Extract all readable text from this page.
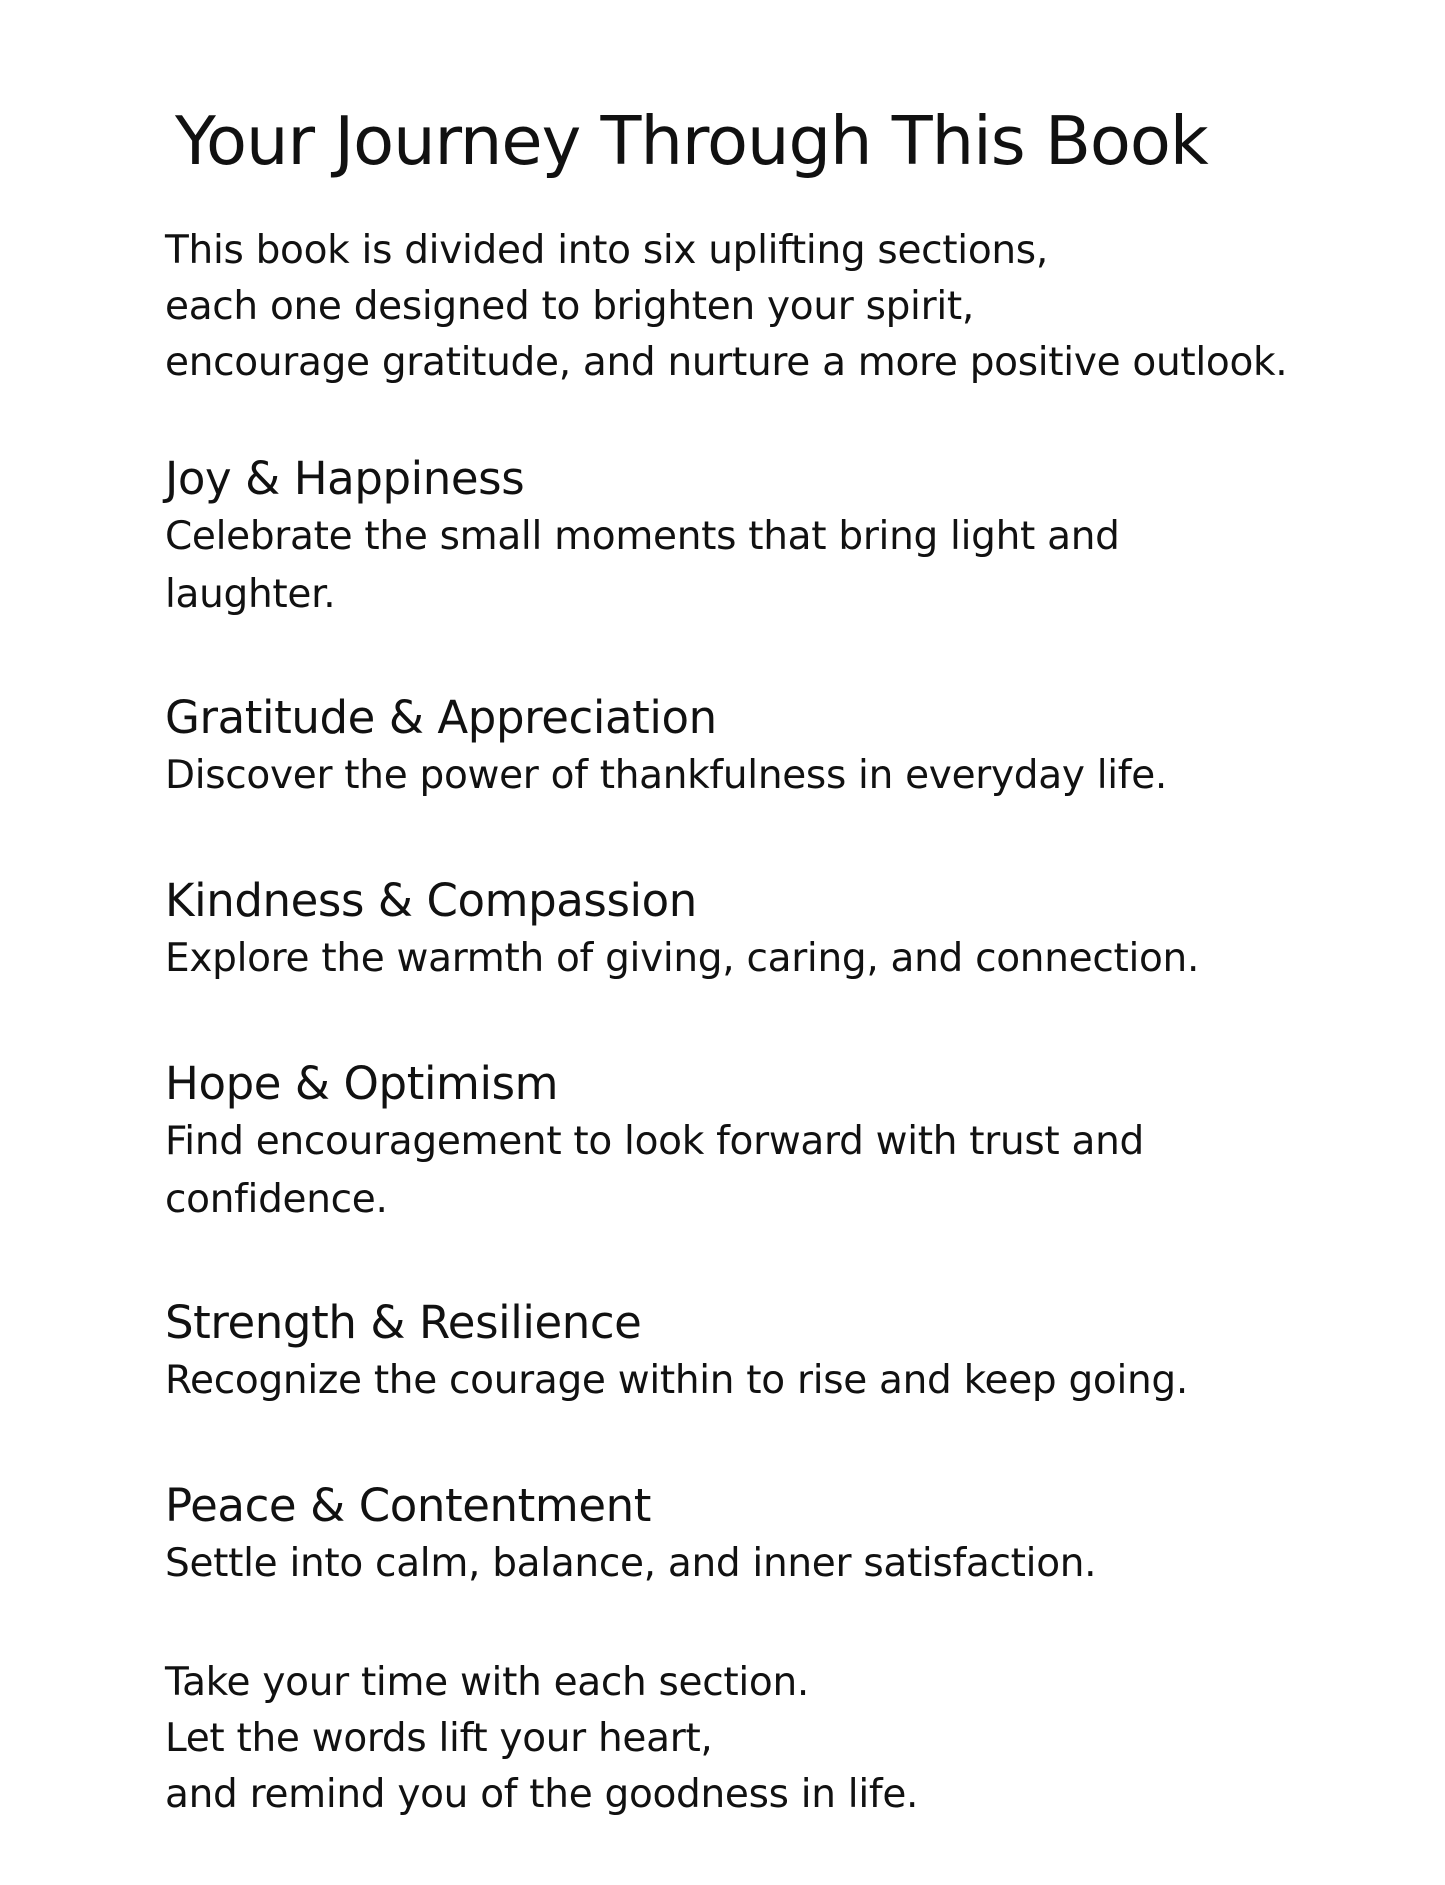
Your Journey Through This Book

This book is divided into six uplifting sections,
each one designed to brighten your spirit,
encourage gratitude, and nurture a more positive outlook.

Joy & Happiness
Celebrate the small moments that bring light and
laughter.
Gratitude & Appreciation
Discover the power of thankfulness in everyday life.
Kindness & Compassion
Explore the warmth of giving, caring, and connection.
Hope & Optimism
Find encouragement to look forward with trust and
confidence.
Strength & Resilience
Recognize the courage within to rise and keep going.
Peace & Contentment
Settle into calm, balance, and inner satisfaction.

Take your time with each section.
Let the words lift your heart,
and remind you of the goodness in life.
